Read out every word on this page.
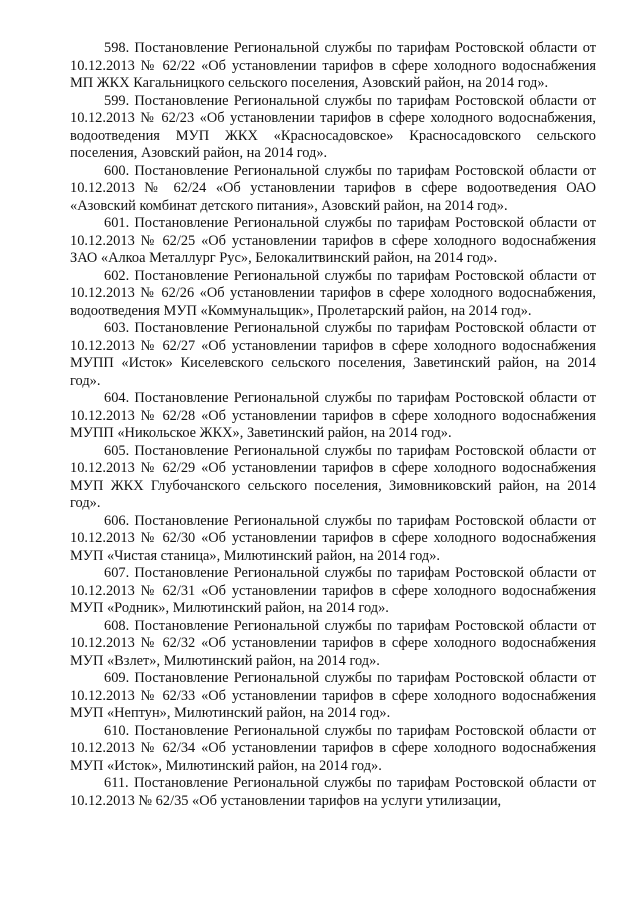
598. Постановление Региональной службы по тарифам Ростовской области от 10.12.2013 № 62/22 «Об установлении тарифов в сфере холодного водоснабжения МП ЖКХ Кагальницкого сельского поселения, Азовский район, на 2014 год».

599. Постановление Региональной службы по тарифам Ростовской области от 10.12.2013 № 62/23 «Об установлении тарифов в сфере холодного водоснабжения, водоотведения МУП ЖКХ «Красносадовское» Красносадовского сельского поселения, Азовский район, на 2014 год».

600. Постановление Региональной службы по тарифам Ростовской области от 10.12.2013 № 62/24 «Об установлении тарифов в сфере водоотведения ОАО «Азовский комбинат детского питания», Азовский район, на 2014 год».

601. Постановление Региональной службы по тарифам Ростовской области от 10.12.2013 № 62/25 «Об установлении тарифов в сфере холодного водоснабжения ЗАО «Алкоа Металлург Рус», Белокалитвинский район, на 2014 год».

602. Постановление Региональной службы по тарифам Ростовской области от 10.12.2013 № 62/26 «Об установлении тарифов в сфере холодного водоснабжения, водоотведения МУП «Коммунальщик», Пролетарский район, на 2014 год».

603. Постановление Региональной службы по тарифам Ростовской области от 10.12.2013 № 62/27 «Об установлении тарифов в сфере холодного водоснабжения МУПП «Исток» Киселевского сельского поселения, Заветинский район, на 2014 год».

604. Постановление Региональной службы по тарифам Ростовской области от 10.12.2013 № 62/28 «Об установлении тарифов в сфере холодного водоснабжения МУПП «Никольское ЖКХ», Заветинский район, на 2014 год».

605. Постановление Региональной службы по тарифам Ростовской области от 10.12.2013 № 62/29 «Об установлении тарифов в сфере холодного водоснабжения МУП ЖКХ Глубочанского сельского поселения, Зимовниковский район, на 2014 год».

606. Постановление Региональной службы по тарифам Ростовской области от 10.12.2013 № 62/30 «Об установлении тарифов в сфере холодного водоснабжения МУП «Чистая станица», Милютинский район, на 2014 год».

607. Постановление Региональной службы по тарифам Ростовской области от 10.12.2013 № 62/31 «Об установлении тарифов в сфере холодного водоснабжения МУП «Родник», Милютинский район, на 2014 год».

608. Постановление Региональной службы по тарифам Ростовской области от 10.12.2013 № 62/32 «Об установлении тарифов в сфере холодного водоснабжения МУП «Взлет», Милютинский район, на 2014 год».

609. Постановление Региональной службы по тарифам Ростовской области от 10.12.2013 № 62/33 «Об установлении тарифов в сфере холодного водоснабжения МУП «Нептун», Милютинский район, на 2014 год».

610. Постановление Региональной службы по тарифам Ростовской области от 10.12.2013 № 62/34 «Об установлении тарифов в сфере холодного водоснабжения МУП «Исток», Милютинский район, на 2014 год».

611. Постановление Региональной службы по тарифам Ростовской области от 10.12.2013 № 62/35 «Об установлении тарифов на услуги утилизации,
